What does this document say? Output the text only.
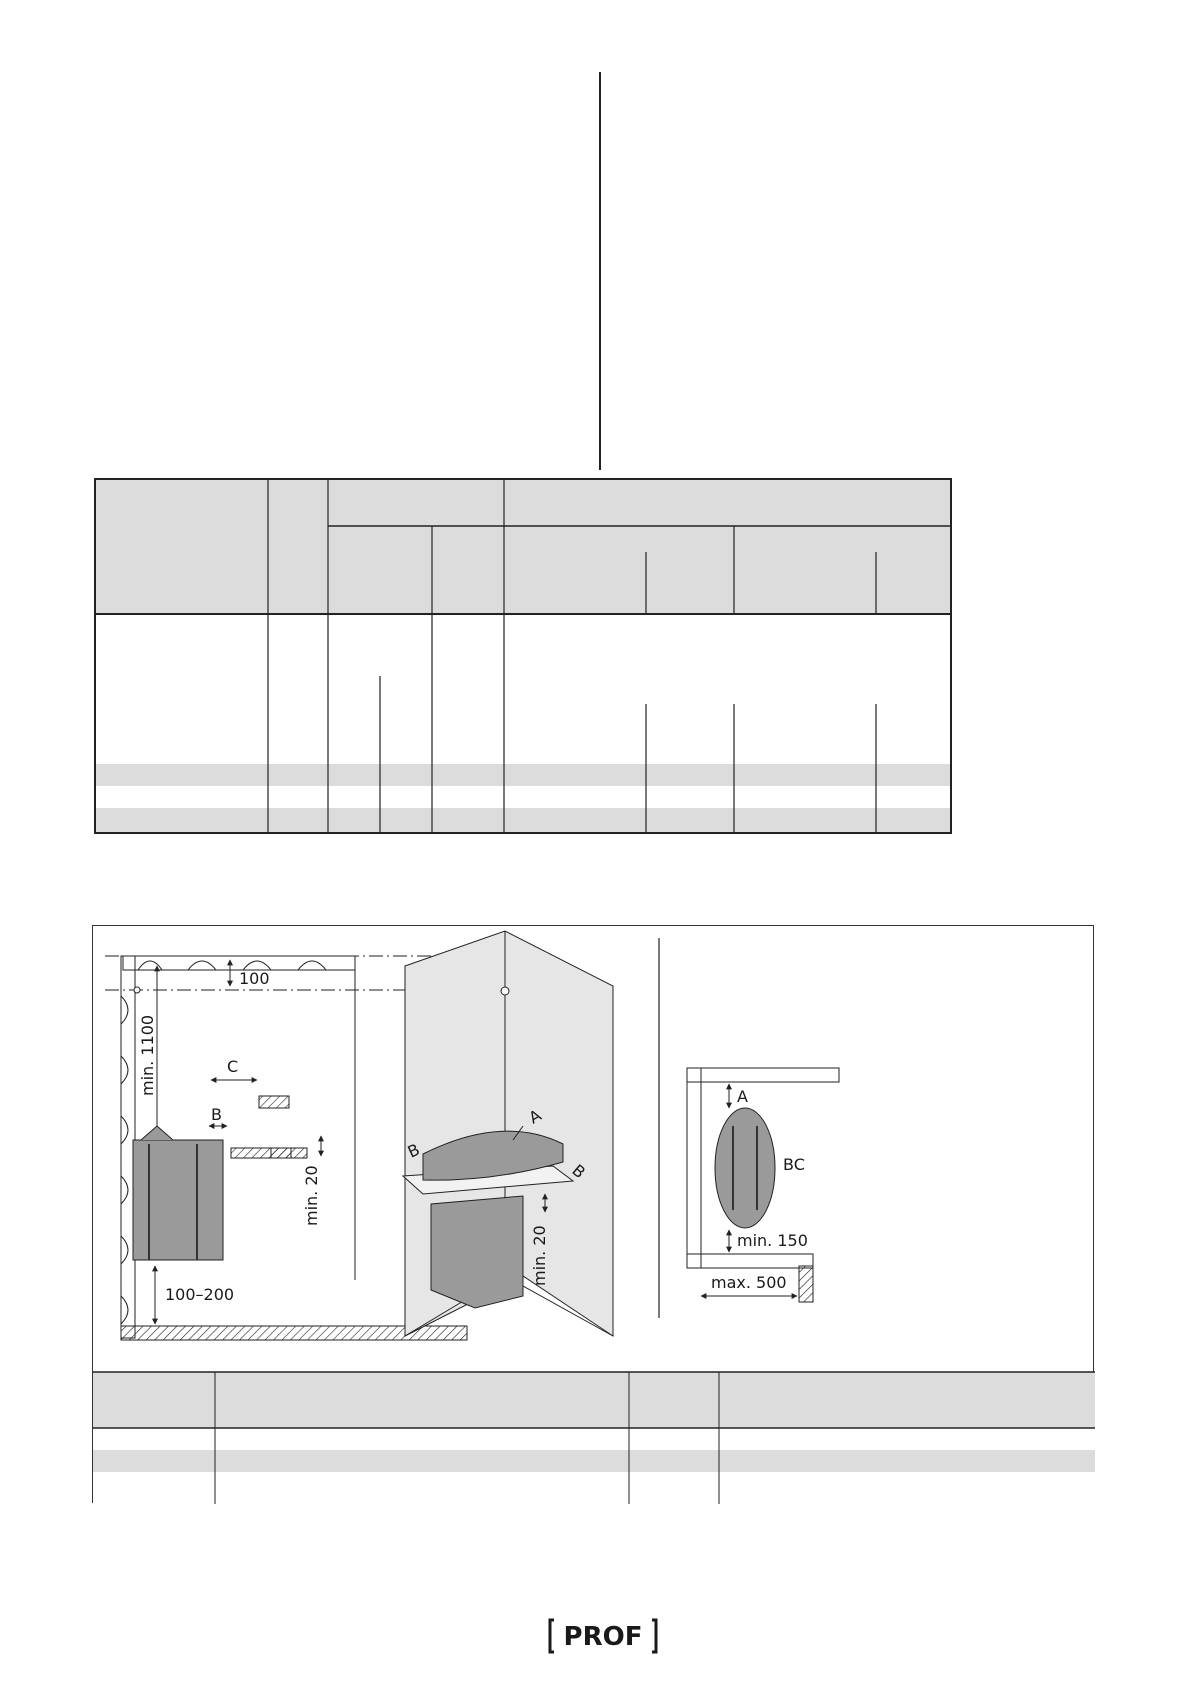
100
min. 1100	C
B
min. 20
100–200
A
B
B
min. 20
A
BC
min. 150
max. 500
PROF
